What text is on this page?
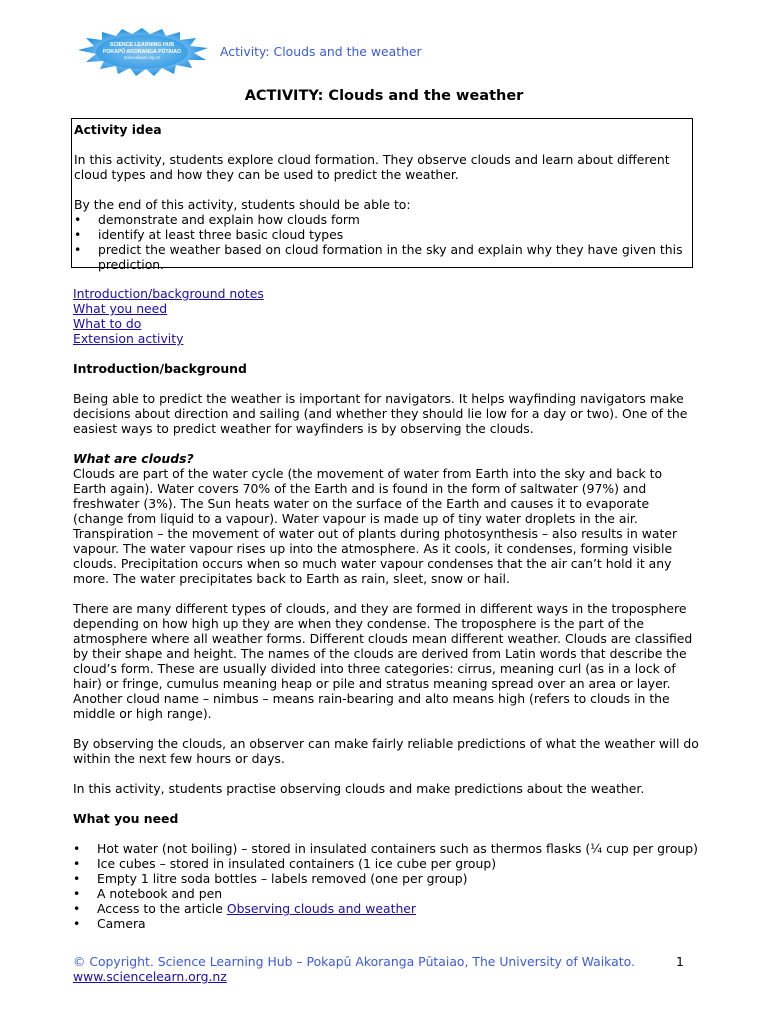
SCIENCE LEARNING HUB
POKAPŪ AKORANGA PŪTAIAO
sciencelearn.org.nz	Activity: Clouds and the weather
ACTIVITY: Clouds and the weather

Activity idea

In this activity, students explore cloud formation. They observe clouds and learn about different cloud types and how they can be used to predict the weather.

By the end of this activity, students should be able to:

• demonstrate and explain how clouds form
• identify at least three basic cloud types
• predict the weather based on cloud formation in the sky and explain why they have given this prediction.

Introduction/background notes

What you need

What to do

Extension activity

Introduction/background

Being able to predict the weather is important for navigators. It helps wayfinding navigators make decisions about direction and sailing (and whether they should lie low for a day or two). One of the easiest ways to predict weather for wayfinders is by observing the clouds.

What are clouds?

Clouds are part of the water cycle (the movement of water from Earth into the sky and back to Earth again). Water covers 70% of the Earth and is found in the form of saltwater (97%) and freshwater (3%). The Sun heats water on the surface of the Earth and causes it to evaporate (change from liquid to a vapour). Water vapour is made up of tiny water droplets in the air. Transpiration – the movement of water out of plants during photosynthesis – also results in water vapour. The water vapour rises up into the atmosphere. As it cools, it condenses, forming visible clouds. Precipitation occurs when so much water vapour condenses that the air can’t hold it any more. The water precipitates back to Earth as rain, sleet, snow or hail.

There are many different types of clouds, and they are formed in different ways in the troposphere depending on how high up they are when they condense. The troposphere is the part of the atmosphere where all weather forms. Different clouds mean different weather. Clouds are classified by their shape and height. The names of the clouds are derived from Latin words that describe the cloud’s form. These are usually divided into three categories: cirrus, meaning curl (as in a lock of hair) or fringe, cumulus meaning heap or pile and stratus meaning spread over an area or layer. Another cloud name – nimbus – means rain-bearing and alto means high (refers to clouds in the middle or high range).

By observing the clouds, an observer can make fairly reliable predictions of what the weather will do within the next few hours or days.

In this activity, students practise observing clouds and make predictions about the weather.

What you need

• Hot water (not boiling) – stored in insulated containers such as thermos flasks (¼ cup per group)
• Ice cubes – stored in insulated containers (1 ice cube per group)
• Empty 1 litre soda bottles – labels removed (one per group)
• A notebook and pen
• Access to the article Observing clouds and weather
• Camera
© Copyright. Science Learning Hub – Pokapū Akoranga Pūtaiao, The University of Waikato.
www.sciencelearn.org.nz
1
